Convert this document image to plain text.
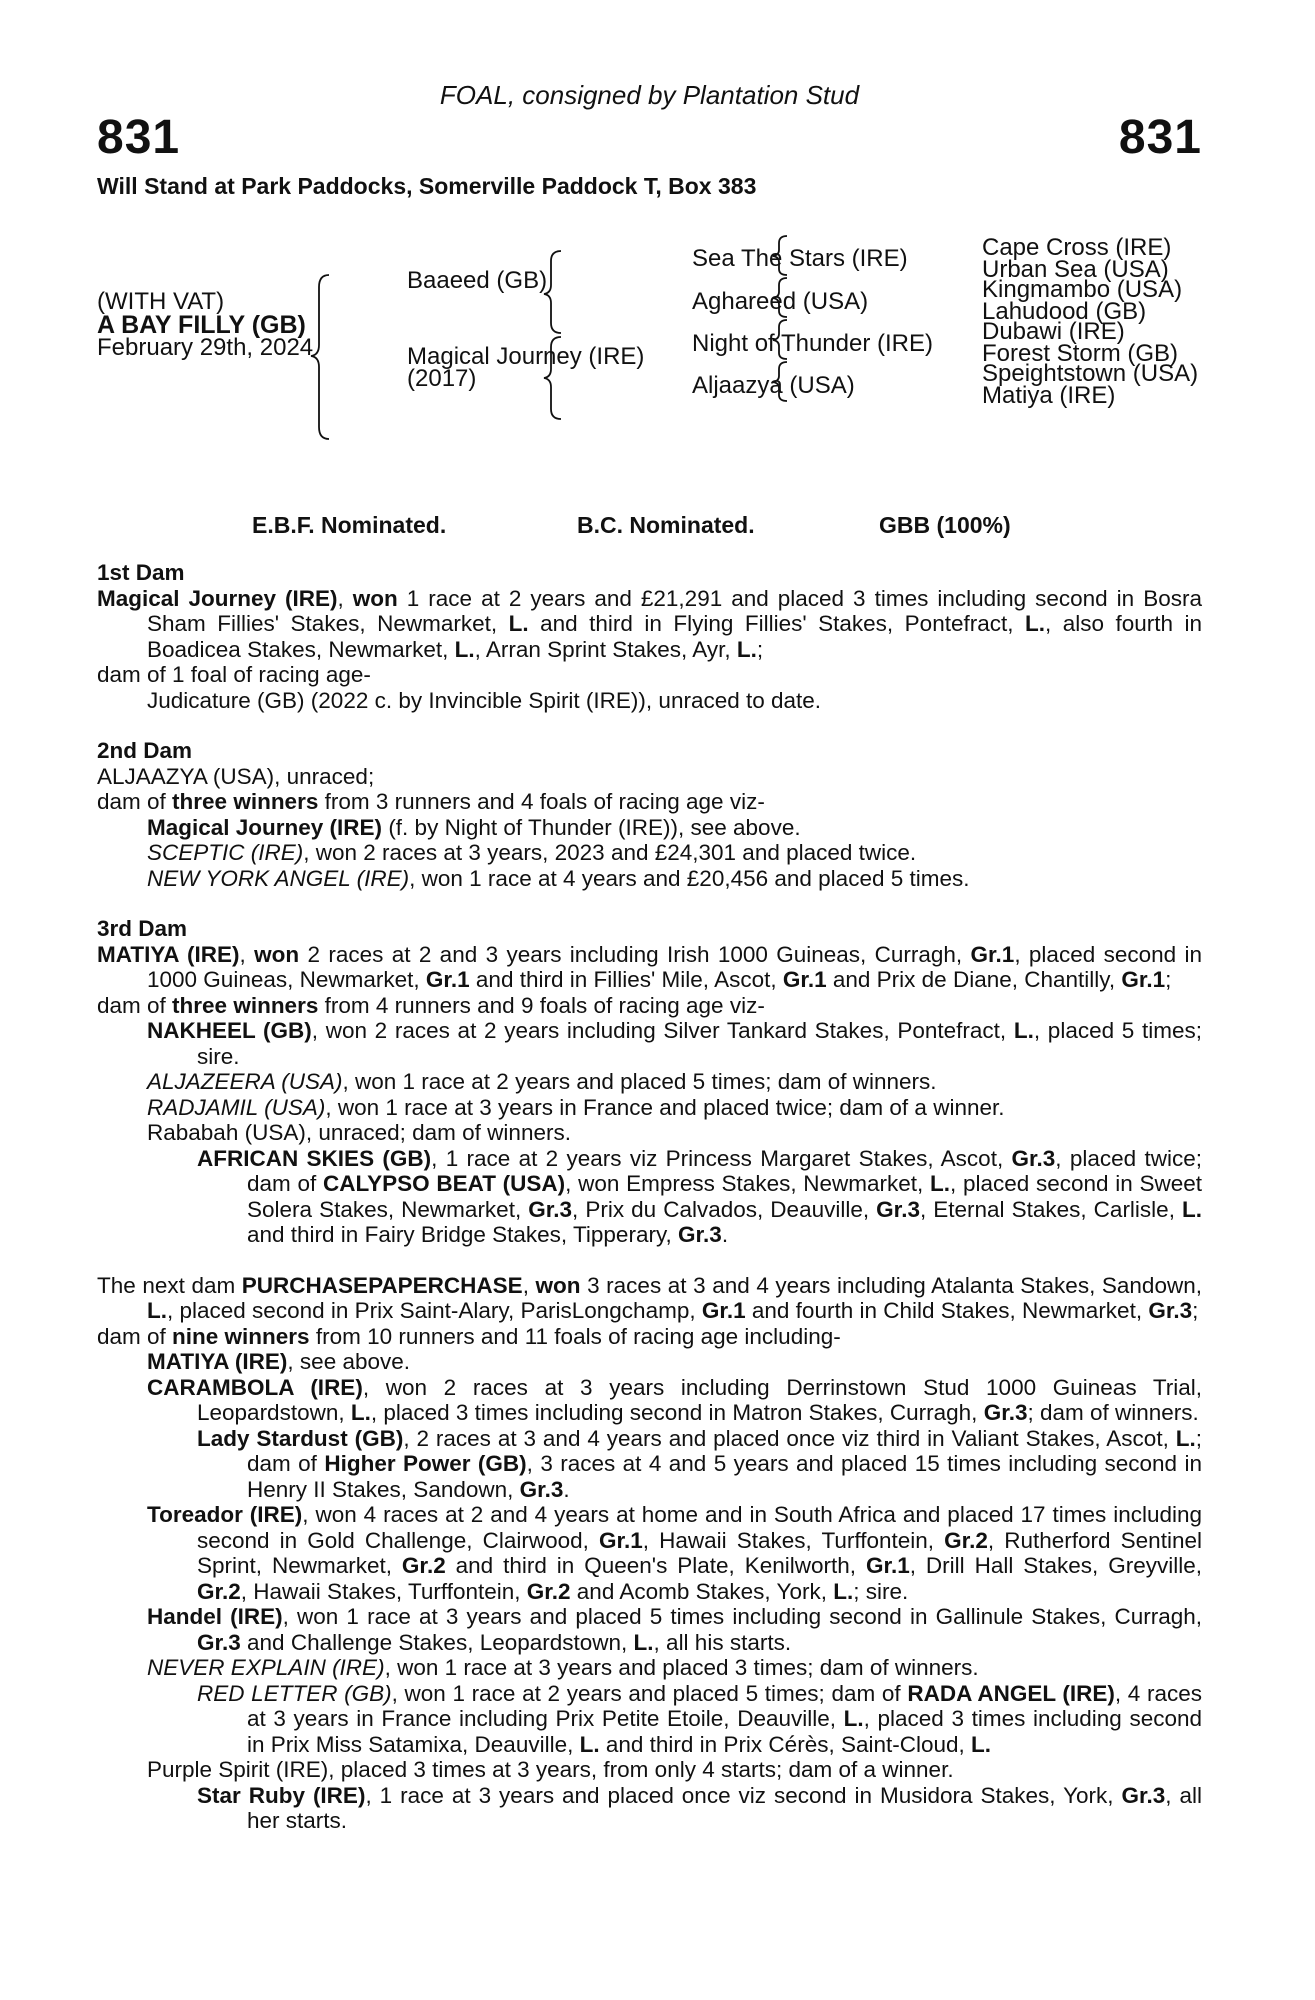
FOAL, consigned by Plantation Stud
831	831
Will Stand at Park Paddocks, Somerville Paddock T, Box 383
(WITH VAT)
A BAY FILLY (GB)
February 29th, 2024
Baaeed (GB)
Magical Journey (IRE)
(2017)
Sea The Stars (IRE)
Aghareed (USA)
Night of Thunder (IRE)
Aljaazya (USA)
Cape Cross (IRE)
Urban Sea (USA)
Kingmambo (USA)
Lahudood (GB)
Dubawi (IRE)
Forest Storm (GB)
Speightstown (USA)
Matiya (IRE)
E.B.F. Nominated.	B.C. Nominated.	GBB (100%)
1st Dam
Magical Journey (IRE), won 1 race at 2 years and £21,291 and placed 3 times including second in Bosra Sham Fillies' Stakes, Newmarket, L. and third in Flying Fillies' Stakes, Pontefract, L., also fourth in Boadicea Stakes, Newmarket, L., Arran Sprint Stakes, Ayr, L.;
dam of 1 foal of racing age-
Judicature (GB) (2022 c. by Invincible Spirit (IRE)), unraced to date.
2nd Dam
ALJAAZYA (USA), unraced;
dam of three winners from 3 runners and 4 foals of racing age viz-
Magical Journey (IRE) (f. by Night of Thunder (IRE)), see above.
SCEPTIC (IRE), won 2 races at 3 years, 2023 and £24,301 and placed twice.
NEW YORK ANGEL (IRE), won 1 race at 4 years and £20,456 and placed 5 times.
3rd Dam
MATIYA (IRE), won 2 races at 2 and 3 years including Irish 1000 Guineas, Curragh, Gr.1, placed second in 1000 Guineas, Newmarket, Gr.1 and third in Fillies' Mile, Ascot, Gr.1 and Prix de Diane, Chantilly, Gr.1;
dam of three winners from 4 runners and 9 foals of racing age viz-
NAKHEEL (GB), won 2 races at 2 years including Silver Tankard Stakes, Pontefract, L., placed 5 times; sire.
ALJAZEERA (USA), won 1 race at 2 years and placed 5 times; dam of winners.
RADJAMIL (USA), won 1 race at 3 years in France and placed twice; dam of a winner.
Rababah (USA), unraced; dam of winners.
AFRICAN SKIES (GB), 1 race at 2 years viz Princess Margaret Stakes, Ascot, Gr.3, placed twice; dam of CALYPSO BEAT (USA), won Empress Stakes, Newmarket, L., placed second in Sweet Solera Stakes, Newmarket, Gr.3, Prix du Calvados, Deauville, Gr.3, Eternal Stakes, Carlisle, L. and third in Fairy Bridge Stakes, Tipperary, Gr.3.
The next dam PURCHASEPAPERCHASE, won 3 races at 3 and 4 years including Atalanta Stakes, Sandown, L., placed second in Prix Saint-Alary, ParisLongchamp, Gr.1 and fourth in Child Stakes, Newmarket, Gr.3;
dam of nine winners from 10 runners and 11 foals of racing age including-
MATIYA (IRE), see above.
CARAMBOLA (IRE), won 2 races at 3 years including Derrinstown Stud 1000 Guineas Trial, Leopardstown, L., placed 3 times including second in Matron Stakes, Curragh, Gr.3; dam of winners.
Lady Stardust (GB), 2 races at 3 and 4 years and placed once viz third in Valiant Stakes, Ascot, L.; dam of Higher Power (GB), 3 races at 4 and 5 years and placed 15 times including second in Henry II Stakes, Sandown, Gr.3.
Toreador (IRE), won 4 races at 2 and 4 years at home and in South Africa and placed 17 times including second in Gold Challenge, Clairwood, Gr.1, Hawaii Stakes, Turffontein, Gr.2, Rutherford Sentinel Sprint, Newmarket, Gr.2 and third in Queen's Plate, Kenilworth, Gr.1, Drill Hall Stakes, Greyville, Gr.2, Hawaii Stakes, Turffontein, Gr.2 and Acomb Stakes, York, L.; sire.
Handel (IRE), won 1 race at 3 years and placed 5 times including second in Gallinule Stakes, Curragh, Gr.3 and Challenge Stakes, Leopardstown, L., all his starts.
NEVER EXPLAIN (IRE), won 1 race at 3 years and placed 3 times; dam of winners.
RED LETTER (GB), won 1 race at 2 years and placed 5 times; dam of RADA ANGEL (IRE), 4 races at 3 years in France including Prix Petite Etoile, Deauville, L., placed 3 times including second in Prix Miss Satamixa, Deauville, L. and third in Prix Cérès, Saint-Cloud, L.
Purple Spirit (IRE), placed 3 times at 3 years, from only 4 starts; dam of a winner.
Star Ruby (IRE), 1 race at 3 years and placed once viz second in Musidora Stakes, York, Gr.3, all her starts.
